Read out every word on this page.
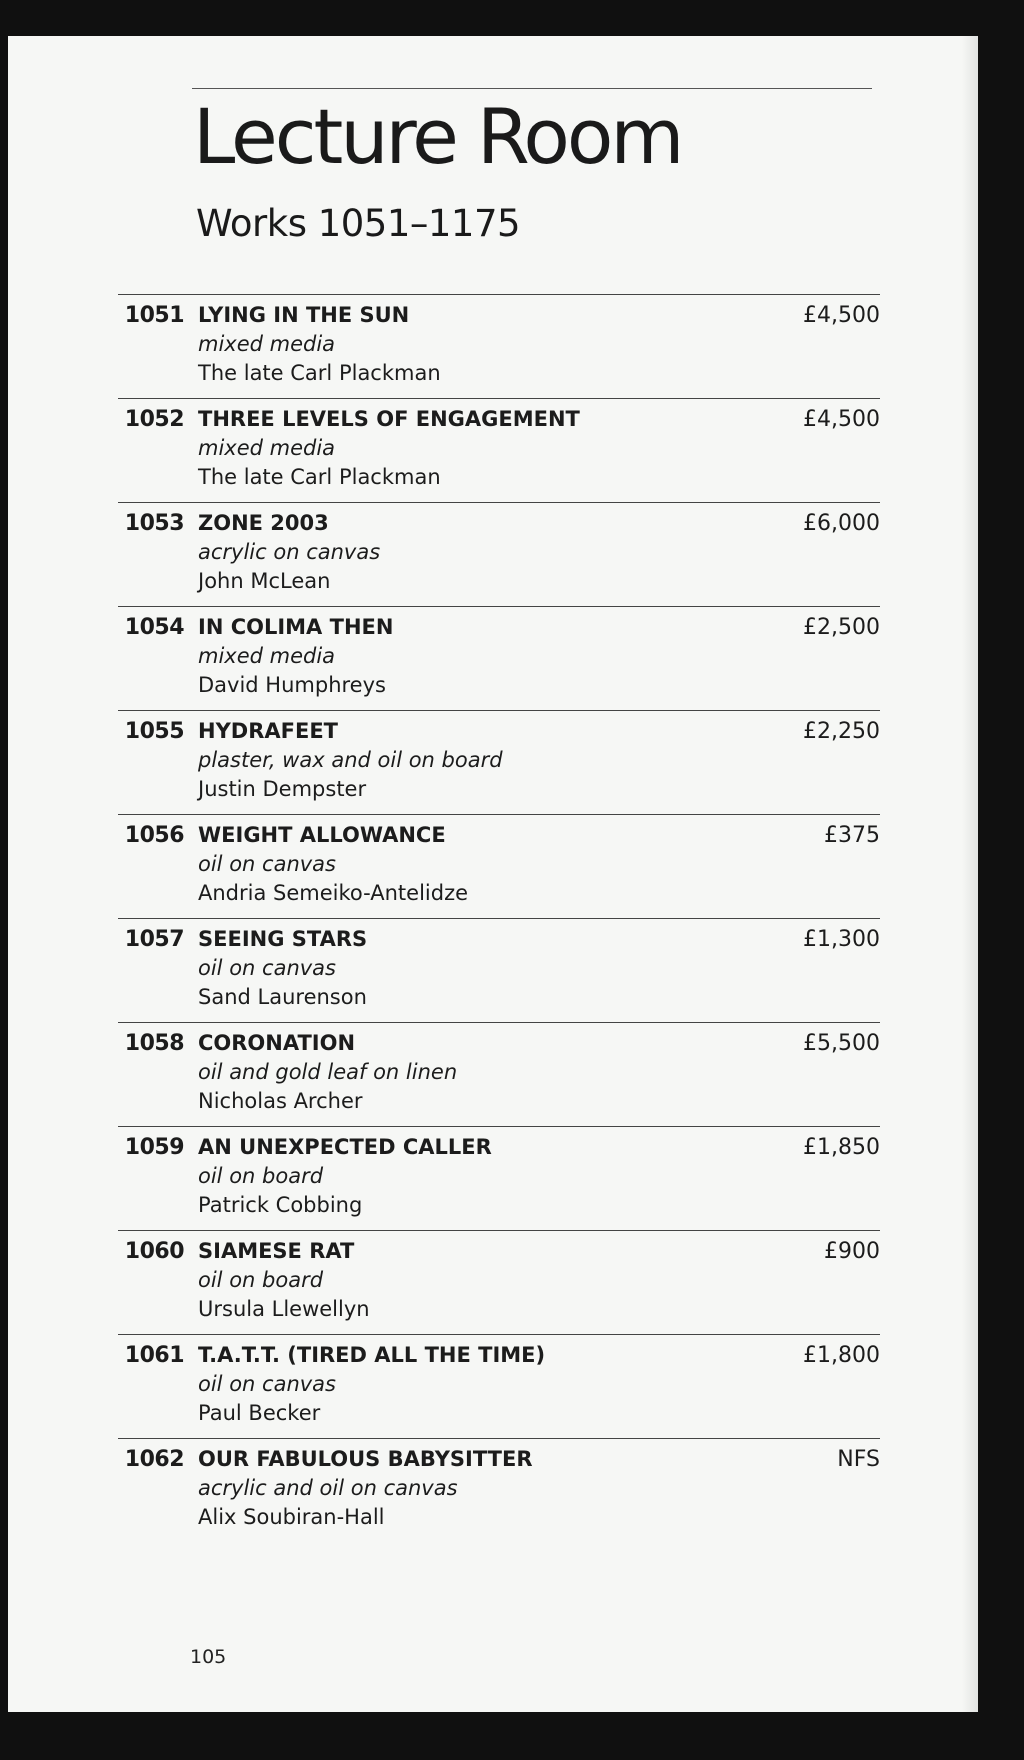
Lecture Room
Works 1051–1175
1051 LYING IN THE SUN
mixed media
The late Carl Plackman
£4,500
1052 THREE LEVELS OF ENGAGEMENT
mixed media
The late Carl Plackman
£4,500
1053 ZONE 2003
acrylic on canvas
John McLean
£6,000
1054 IN COLIMA THEN
mixed media
David Humphreys
£2,500
1055 HYDRAFEET
plaster, wax and oil on board
Justin Dempster
£2,250
1056 WEIGHT ALLOWANCE
oil on canvas
Andria Semeiko-Antelidze
£375
1057 SEEING STARS
oil on canvas
Sand Laurenson
£1,300
1058 CORONATION
oil and gold leaf on linen
Nicholas Archer
£5,500
1059 AN UNEXPECTED CALLER
oil on board
Patrick Cobbing
£1,850
1060 SIAMESE RAT
oil on board
Ursula Llewellyn
£900
1061 T.A.T.T. (TIRED ALL THE TIME)
oil on canvas
Paul Becker
£1,800
1062 OUR FABULOUS BABYSITTER
acrylic and oil on canvas
Alix Soubiran-Hall
NFS
105
